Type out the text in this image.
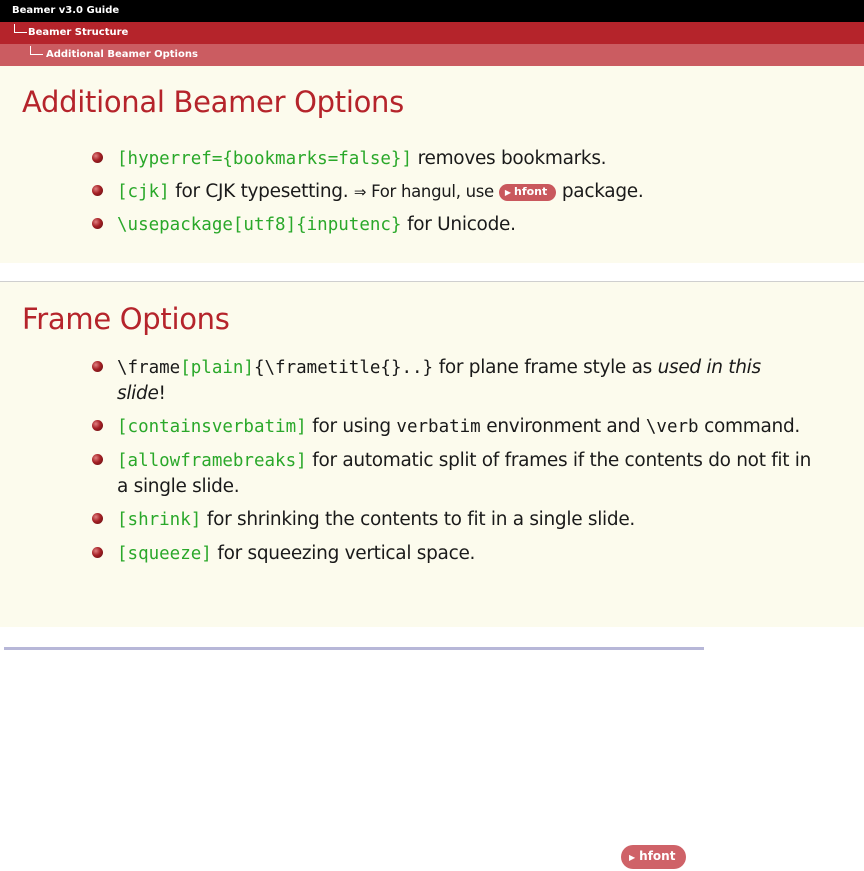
Beamer v3.0 Guide
Beamer Structure
Additional Beamer Options
Additional Beamer Options
[hyperref={bookmarks=false}] removes bookmarks.
[cjk] for CJK typesetting. ⇒ For hangul, use ▶ hfont package.
\usepackage[utf8]{inputenc} for Unicode.
Frame Options
\frame[plain]{\frametitle{}..} for plane frame style as used in this slide!
[containsverbatim] for using verbatim environment and \verb command.
[allowframebreaks] for automatic split of frames if the contents do not fit in a single slide.
[shrink] for shrinking the contents to fit in a single slide.
[squeeze] for squeezing vertical space.
▶ hfont
